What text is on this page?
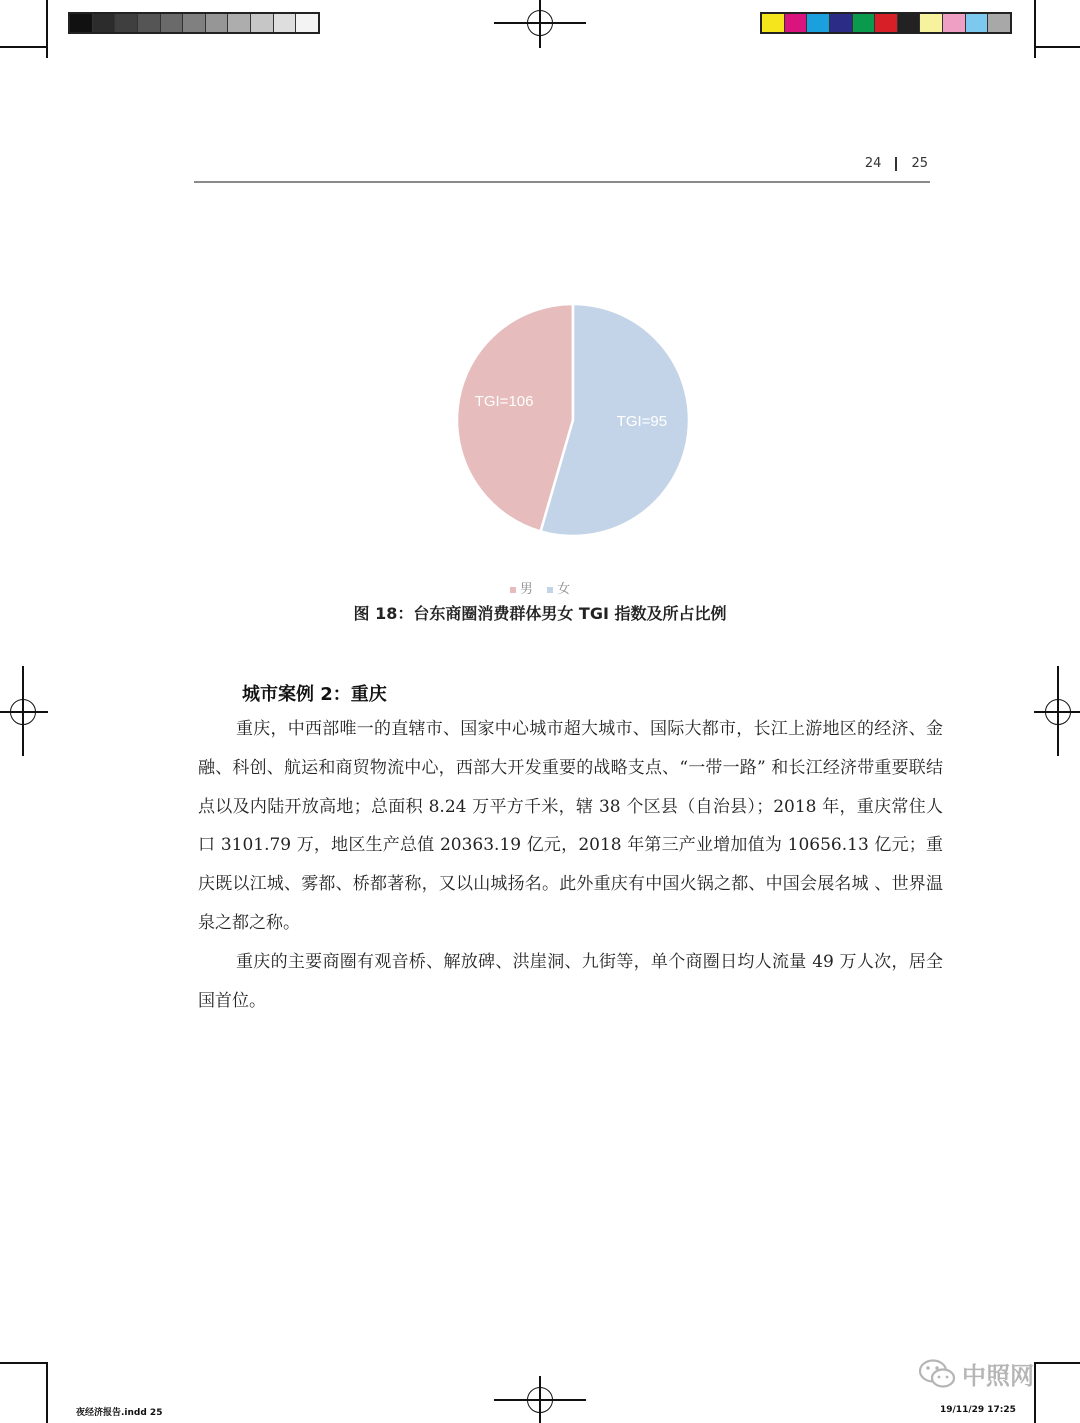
24 25
TGI=106
TGI=95
男 女
图 18：台东商圈消费群体男女 TGI 指数及所占比例
城市案例 2：重庆
重庆，中西部唯一的直辖市、国家中心城市超大城市、国际大都市，长江上游地区的经济、金融、科创、航运和商贸物流中心，西部大开发重要的战略支点、“一带一路” 和长江经济带重要联结点以及内陆开放高地；总面积 8.24 万平方千米，辖 38 个区县（自治县）；2018 年，重庆常住人口 3101.79 万，地区生产总值 20363.19 亿元，2018 年第三产业增加值为 10656.13 亿元；重庆既以江城、雾都、桥都著称，又以山城扬名。此外重庆有中国火锅之都、中国会展名城 、世界温泉之都之称。
重庆的主要商圈有观音桥、解放碑、洪崖洞、九街等，单个商圈日均人流量 49 万人次，居全国首位。
夜经济报告.indd 25	19/11/29 17:25
中照网
